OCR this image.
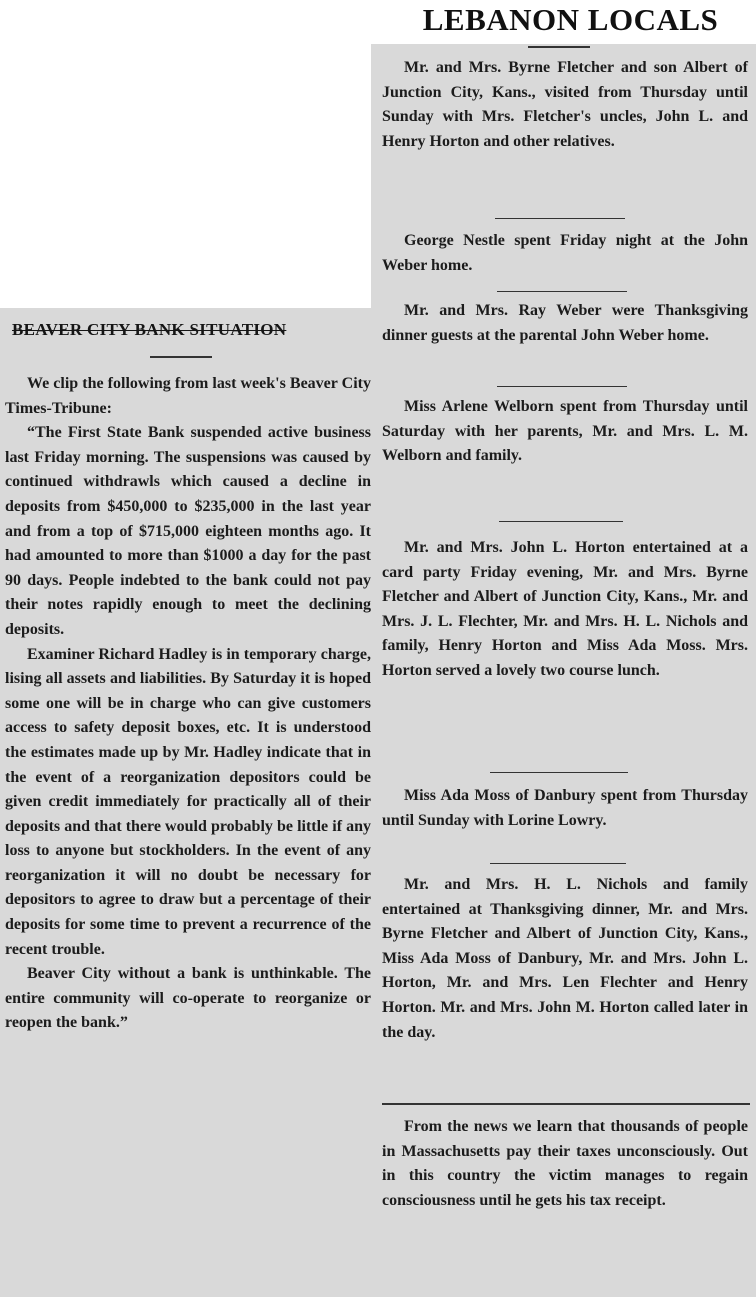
LEBANON LOCALS
BEAVER CITY BANK SITUATION

We clip the following from last week's Beaver City Times-Tribune:

“The First State Bank suspended active business last Friday morning. The suspensions was caused by continued withdrawls which caused a decline in deposits from $450,000 to $235,000 in the last year and from a top of $715,000 eighteen months ago. It had amounted to more than $1000 a day for the past 90 days. People indebted to the bank could not pay their notes rapidly enough to meet the declining deposits.

Examiner Richard Hadley is in temporary charge, lising all assets and liabilities. By Saturday it is hoped some one will be in charge who can give customers access to safety deposit boxes, etc. It is understood the estimates made up by Mr. Hadley indicate that in the event of a reorganization depositors could be given credit immediately for practically all of their deposits and that there would probably be little if any loss to anyone but stockholders. In the event of any reorganization it will no doubt be necessary for depositors to agree to draw but a percentage of their deposits for some time to prevent a recurrence of the recent trouble.

Beaver City without a bank is unthinkable. The entire community will co-operate to reorganize or reopen the bank.”

Mr. and Mrs. Byrne Fletcher and son Albert of Junction City, Kans., visited from Thursday until Sunday with Mrs. Fletcher's uncles, John L. and Henry Horton and other relatives.

George Nestle spent Friday night at the John Weber home.

Mr. and Mrs. Ray Weber were Thanksgiving dinner guests at the parental John Weber home.

Miss Arlene Welborn spent from Thursday until Saturday with her parents, Mr. and Mrs. L. M. Welborn and family.

Mr. and Mrs. John L. Horton entertained at a card party Friday evening, Mr. and Mrs. Byrne Fletcher and Albert of Junction City, Kans., Mr. and Mrs. J. L. Flechter, Mr. and Mrs. H. L. Nichols and family, Henry Horton and Miss Ada Moss. Mrs. Horton served a lovely two course lunch.

Miss Ada Moss of Danbury spent from Thursday until Sunday with Lorine Lowry.

Mr. and Mrs. H. L. Nichols and family entertained at Thanksgiving dinner, Mr. and Mrs. Byrne Fletcher and Albert of Junction City, Kans., Miss Ada Moss of Danbury, Mr. and Mrs. John L. Horton, Mr. and Mrs. Len Flechter and Henry Horton. Mr. and Mrs. John M. Horton called later in the day.

From the news we learn that thousands of people in Massachusetts pay their taxes unconsciously. Out in this country the victim manages to regain consciousness until he gets his tax receipt.
